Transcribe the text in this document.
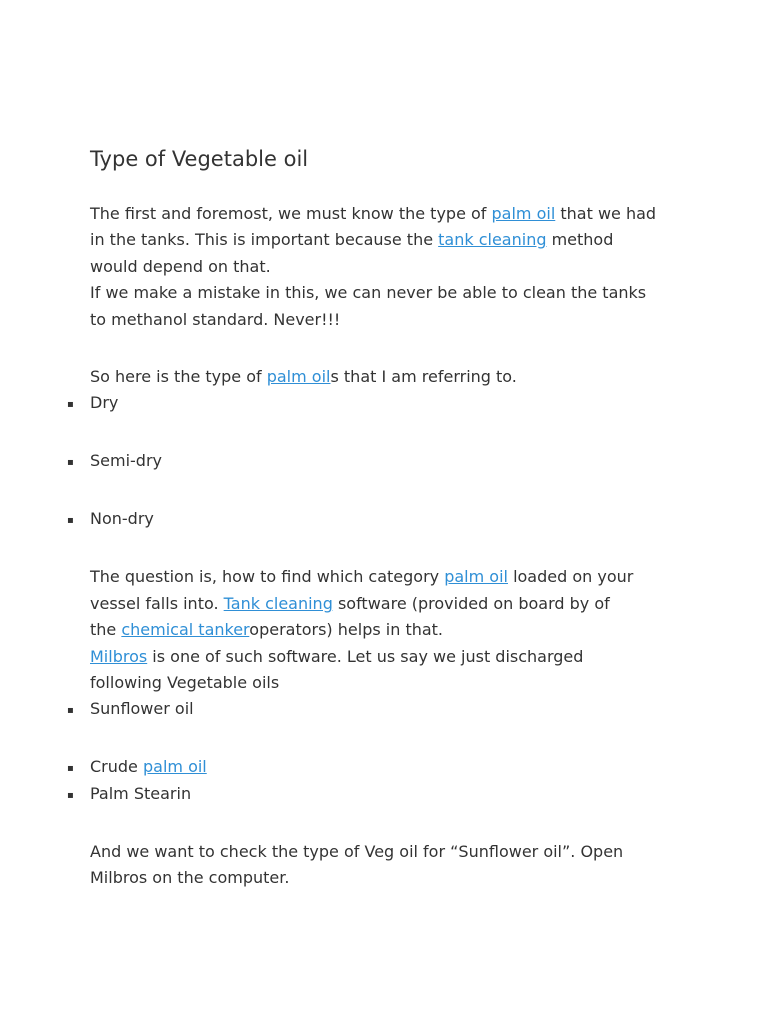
Type of Vegetable oil
The first and foremost, we must know the type of palm oil that we had
in the tanks. This is important because the tank cleaning method
would depend on that.
If we make a mistake in this, we can never be able to clean the tanks
to methanol standard. Never!!!
So here is the type of palm oils that I am referring to.
▪ Dry
▪ Semi-dry
▪ Non-dry
The question is, how to find which category palm oil loaded on your
vessel falls into. Tank cleaning software (provided on board by of
the chemical tankeroperators) helps in that.
Milbros is one of such software. Let us say we just discharged
following Vegetable oils
▪ Sunflower oil
▪ Crude palm oil
▪ Palm Stearin
And we want to check the type of Veg oil for “Sunflower oil”. Open
Milbros on the computer.
